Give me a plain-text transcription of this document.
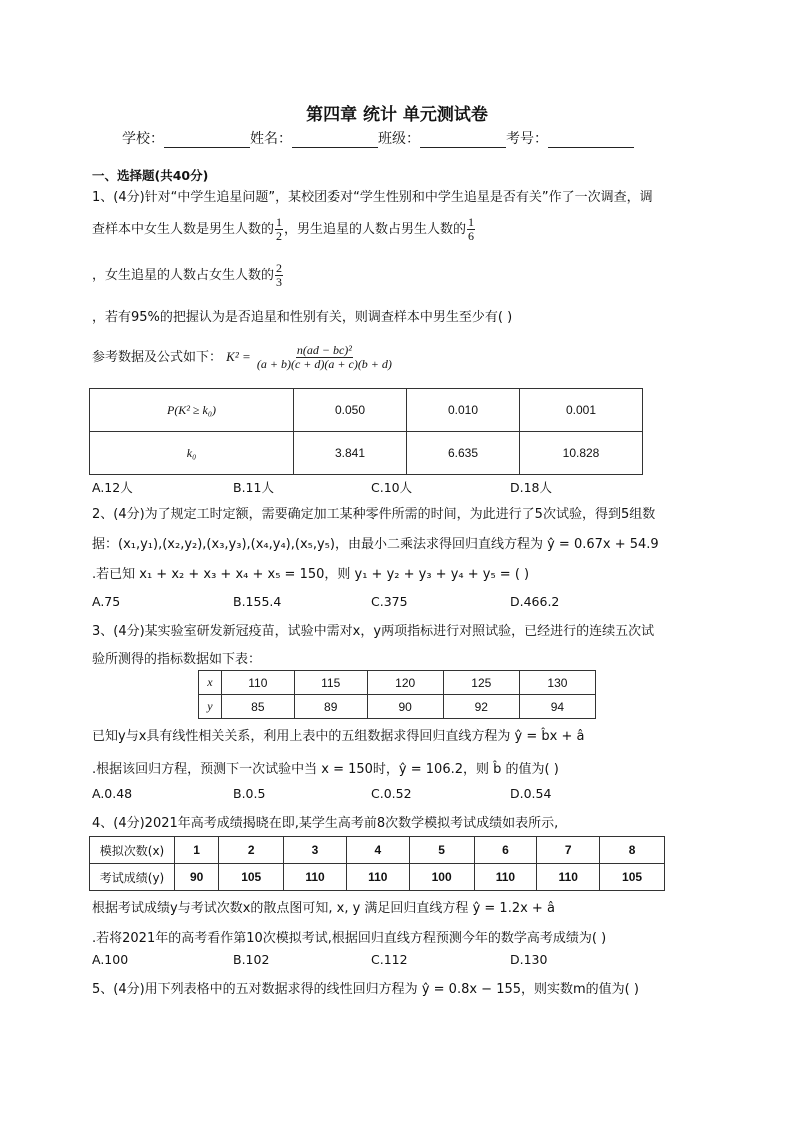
第四章 统计 单元测试卷
学校：	姓名：	班级：	考号：
一、选择题(共40分)
1、(4分)针对“中学生追星问题”，某校团委对“学生性别和中学生追星是否有关”作了一次调查，调
查样本中女生人数是男生人数的 $\frac{1}{2}$ ，男生追星的人数占男生人数的 $\frac{1}{6}$
，女生追星的人数占女生人数的 $\frac{2}{3}$
，若有95%的把握认为是否追星和性别有关，则调查样本中男生至少有( )
参考数据及公式如下： $K^2 = \frac{\text{n(ad − bc)²}}{(a + b)(c + d)(a + c)(b + d)}$
P(K² ≥ k₀)	0.050	0.010	0.001
k₀	3.841	6.635	10.828
A.12人	B.11人	C.10人	D.18人
2、(4分)为了规定工时定额，需要确定加工某种零件所需的时间，为此进行了5次试验，得到5组数
据：(x₁,y₁),(x₂,y₂),(x₃,y₃),(x₄,y₄),(x₅,y₅)，由最小二乘法求得回归直线方程为 ŷ = 0.67x + 54.9
.若已知 x₁ + x₂ + x₃ + x₄ + x₅ = 150，则 y₁ + y₂ + y₃ + y₄ + y₅ = ( )
A.75	B.155.4	C.375	D.466.2
3、(4分)某实验室研发新冠疫苗，试验中需对x，y两项指标进行对照试验，已经进行的连续五次试
验所测得的指标数据如下表：
x	110	115	120	125	130
y	85	89	90	92	94
已知y与x具有线性相关关系，利用上表中的五组数据求得回归直线方程为 ŷ = b̂x + â
.根据该回归方程，预测下一次试验中当 x = 150时，ŷ = 106.2，则 b̂ 的值为( )
A.0.48	B.0.5	C.0.52	D.0.54
4、(4分)2021年高考成绩揭晓在即,某学生高考前8次数学模拟考试成绩如表所示,
模拟次数(x)	1	2	3	4	5	6	7	8
考试成绩(y)	90	105	110	110	100	110	110	105
根据考试成绩y与考试次数x的散点图可知, x, y 满足回归直线方程 ŷ = 1.2x + â
.若将2021年的高考看作第10次模拟考试,根据回归直线方程预测今年的数学高考成绩为( )
A.100	B.102	C.112	D.130
5、(4分)用下列表格中的五对数据求得的线性回归方程为 ŷ = 0.8x − 155，则实数m的值为( )
